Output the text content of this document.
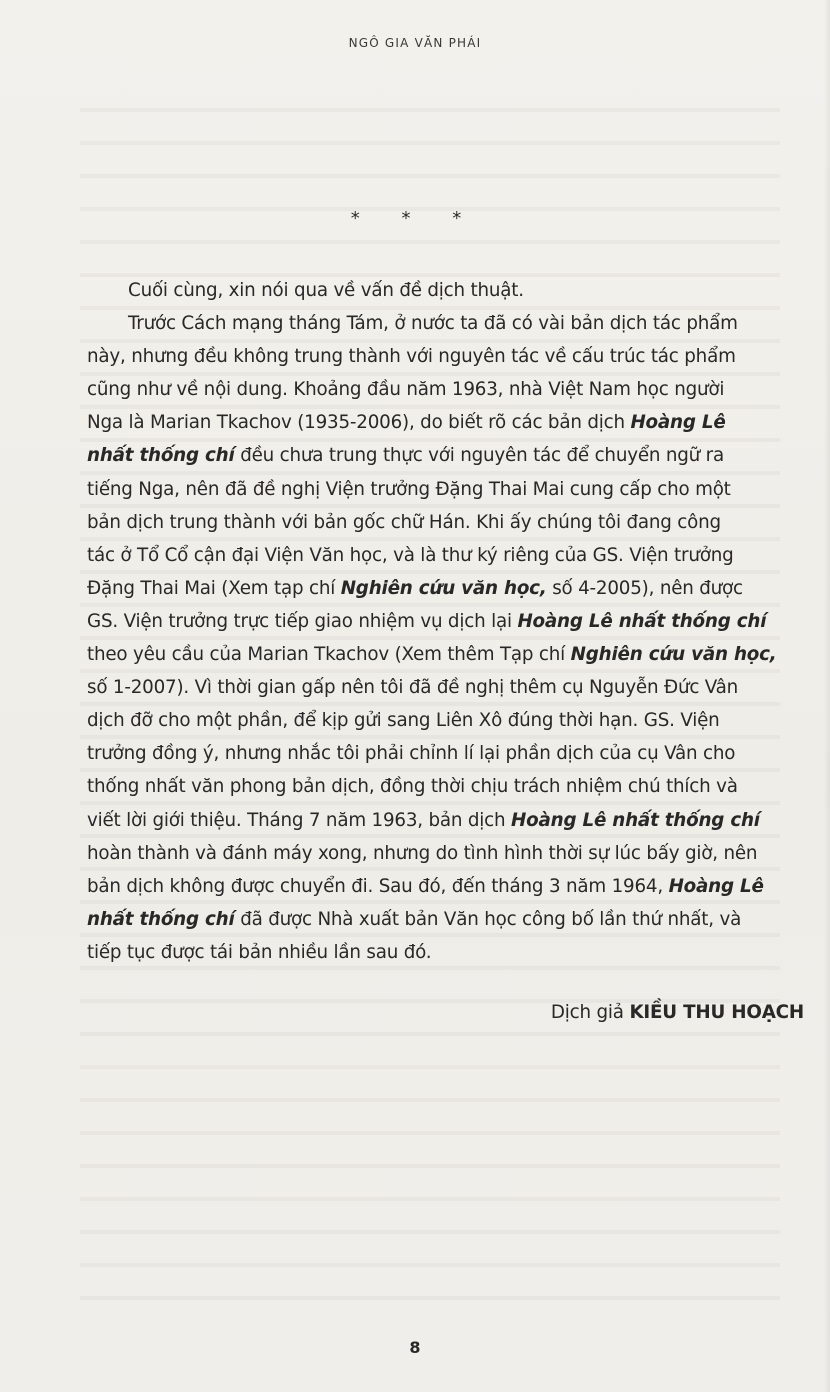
NGÔ GIA VĂN PHÁI
* * *
Cuối cùng, xin nói qua về vấn đề dịch thuật.
Trước Cách mạng tháng Tám, ở nước ta đã có vài bản dịch tác phẩm
này, nhưng đều không trung thành với nguyên tác về cấu trúc tác phẩm
cũng như về nội dung. Khoảng đầu năm 1963, nhà Việt Nam học người
Nga là Marian Tkachov (1935-2006), do biết rõ các bản dịch Hoàng Lê
nhất thống chí đều chưa trung thực với nguyên tác để chuyển ngữ ra
tiếng Nga, nên đã đề nghị Viện trưởng Đặng Thai Mai cung cấp cho một
bản dịch trung thành với bản gốc chữ Hán. Khi ấy chúng tôi đang công
tác ở Tổ Cổ cận đại Viện Văn học, và là thư ký riêng của GS. Viện trưởng
Đặng Thai Mai (Xem tạp chí Nghiên cứu văn học, số 4-2005), nên được
GS. Viện trưởng trực tiếp giao nhiệm vụ dịch lại Hoàng Lê nhất thống chí
theo yêu cầu của Marian Tkachov (Xem thêm Tạp chí Nghiên cứu văn học,
số 1-2007). Vì thời gian gấp nên tôi đã đề nghị thêm cụ Nguyễn Đức Vân
dịch đỡ cho một phần, để kịp gửi sang Liên Xô đúng thời hạn. GS. Viện
trưởng đồng ý, nhưng nhắc tôi phải chỉnh lí lại phần dịch của cụ Vân cho
thống nhất văn phong bản dịch, đồng thời chịu trách nhiệm chú thích và
viết lời giới thiệu. Tháng 7 năm 1963, bản dịch Hoàng Lê nhất thống chí
hoàn thành và đánh máy xong, nhưng do tình hình thời sự lúc bấy giờ, nên
bản dịch không được chuyển đi. Sau đó, đến tháng 3 năm 1964, Hoàng Lê
nhất thống chí đã được Nhà xuất bản Văn học công bố lần thứ nhất, và
tiếp tục được tái bản nhiều lần sau đó.
Dịch giả KIỀU THU HOẠCH
8
